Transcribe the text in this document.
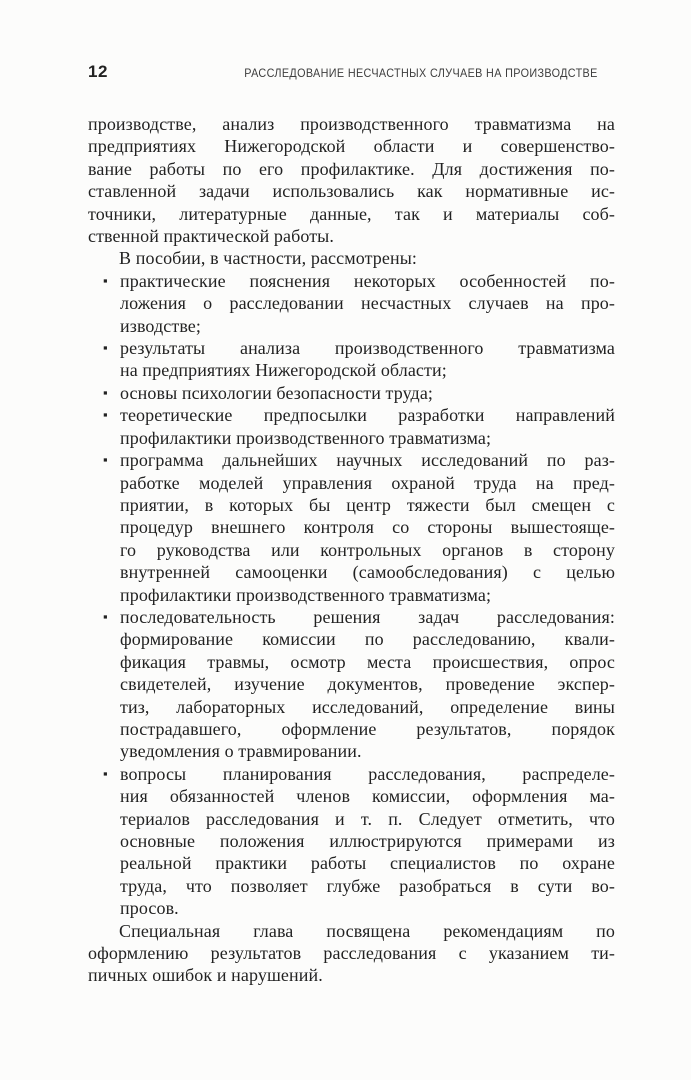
12	РАССЛЕДОВАНИЕ НЕСЧАСТНЫХ СЛУЧАЕВ НА ПРОИЗВОДСТВЕ
производстве, анализ производственного травматизма на
предприятиях Нижегородской области и совершенство-
вание работы по его профилактике. Для достижения по-
ставленной задачи использовались как нормативные ис-
точники, литературные данные, так и материалы соб-
ственной практической работы.
В пособии, в частности, рассмотрены:
▪ практические пояснения некоторых особенностей по-
ложения о расследовании несчастных случаев на про-
изводстве;
▪ результаты анализа производственного травматизма
на предприятиях Нижегородской области;
▪ основы психологии безопасности труда;
▪ теоретические предпосылки разработки направлений
профилактики производственного травматизма;
▪ программа дальнейших научных исследований по раз-
работке моделей управления охраной труда на пред-
приятии, в которых бы центр тяжести был смещен с
процедур внешнего контроля со стороны вышестояще-
го руководства или контрольных органов в сторону
внутренней самооценки (самообследования) с целью
профилактики производственного травматизма;
▪ последовательность решения задач расследования:
формирование комиссии по расследованию, квали-
фикация травмы, осмотр места происшествия, опрос
свидетелей, изучение документов, проведение экспер-
тиз, лабораторных исследований, определение вины
пострадавшего, оформление результатов, порядок
уведомления о травмировании.
▪ вопросы планирования расследования, распределе-
ния обязанностей членов комиссии, оформления ма-
териалов расследования и т. п. Следует отметить, что
основные положения иллюстрируются примерами из
реальной практики работы специалистов по охране
труда, что позволяет глубже разобраться в сути во-
просов.
Специальная глава посвящена рекомендациям по
оформлению результатов расследования с указанием ти-
пичных ошибок и нарушений.
